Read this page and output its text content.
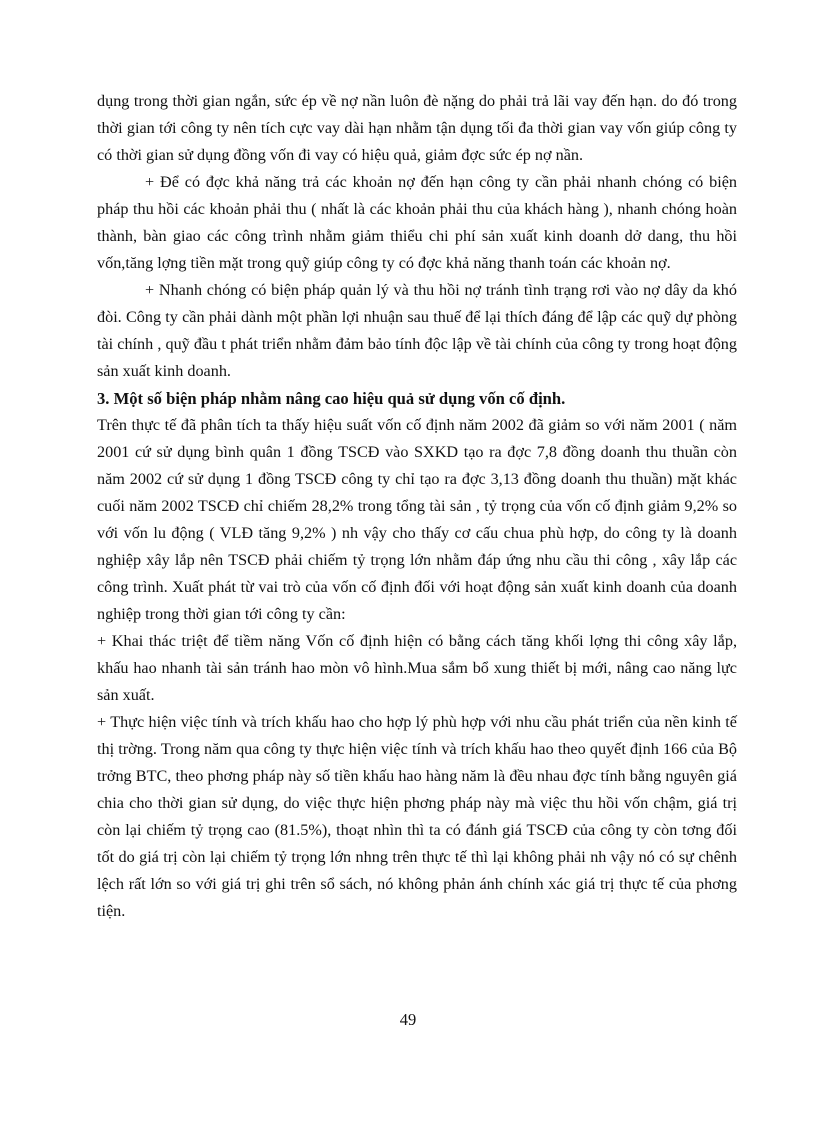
dụng trong thời gian ngắn, sức ép về nợ nần luôn đè nặng do phải trả lãi vay đến hạn. do đó trong thời gian tới công ty nên tích cực vay dài hạn nhằm tận dụng tối đa thời gian vay vốn giúp công ty có thời gian sử dụng đồng vốn đi vay có hiệu quả, giảm đợc sức ép nợ nần.

+ Để có đợc khả năng trả các khoản nợ đến hạn công ty cần phải nhanh chóng có biện pháp thu hồi các khoản phải thu ( nhất là các khoản phải thu của khách hàng ), nhanh chóng hoàn thành, bàn giao các công trình nhằm giảm thiểu chi phí sản xuất kinh doanh dở dang, thu hồi vốn,tăng lợng tiền mặt trong quỹ giúp công ty có đợc khả năng thanh toán các khoản nợ.

+ Nhanh chóng có biện pháp quản lý và thu hồi nợ tránh tình trạng rơi vào nợ dây da khó đòi. Công ty cần phải dành một phần lợi nhuận sau thuế để lại thích đáng để lập các quỹ dự phòng tài chính , quỹ đầu t phát triển nhằm đảm bảo tính độc lập về tài chính của công ty trong hoạt động sản xuất kinh doanh.

3. Một số biện pháp nhằm nâng cao hiệu quả sử dụng vốn cố định.

Trên thực tế đã phân tích ta thấy hiệu suất vốn cố định năm 2002 đã giảm so với năm 2001 ( năm 2001 cứ sử dụng bình quân 1 đồng TSCĐ vào SXKD tạo ra đợc 7,8 đồng doanh thu thuần còn năm 2002 cứ sử dụng 1 đồng TSCĐ công ty chỉ tạo ra đợc 3,13 đồng doanh thu thuần) mặt khác cuối năm 2002 TSCĐ chỉ chiếm 28,2% trong tổng tài sản , tỷ trọng của vốn cố định giảm 9,2% so với vốn lu động ( VLĐ tăng 9,2% ) nh vậy cho thấy cơ cấu chua phù hợp, do công ty là doanh nghiệp xây lắp nên TSCĐ phải chiếm tỷ trọng lớn nhằm đáp ứng nhu cầu thi công , xây lắp các công trình. Xuất phát từ vai trò của vốn cố định đối với hoạt động sản xuất kinh doanh của doanh nghiệp trong thời gian tới công ty cần:

+ Khai thác triệt để tiềm năng Vốn cố định hiện có bằng cách tăng khối lợng thi công xây lắp, khấu hao nhanh tài sản tránh hao mòn vô hình.Mua sắm bổ xung thiết bị mới, nâng cao năng lực sản xuất.

+ Thực hiện việc tính và trích khấu hao cho hợp lý phù hợp với nhu cầu phát triển của nền kinh tế thị trờng. Trong năm qua công ty thực hiện việc tính và trích khấu hao theo quyết định 166 của Bộ trởng BTC, theo phơng pháp này số tiền khấu hao hàng năm là đều nhau đợc tính bằng nguyên giá chia cho thời gian sử dụng, do việc thực hiện phơng pháp này mà việc thu hồi vốn chậm, giá trị còn lại chiếm tỷ trọng cao (81.5%), thoạt nhìn thì ta có đánh giá TSCĐ của công ty còn tơng đối tốt do giá trị còn lại chiếm tỷ trọng lớn nhng trên thực tế thì lại không phải nh vậy nó có sự chênh lệch rất lớn so với giá trị ghi trên sổ sách, nó không phản ánh chính xác giá trị thực tế của phơng tiện.

49
